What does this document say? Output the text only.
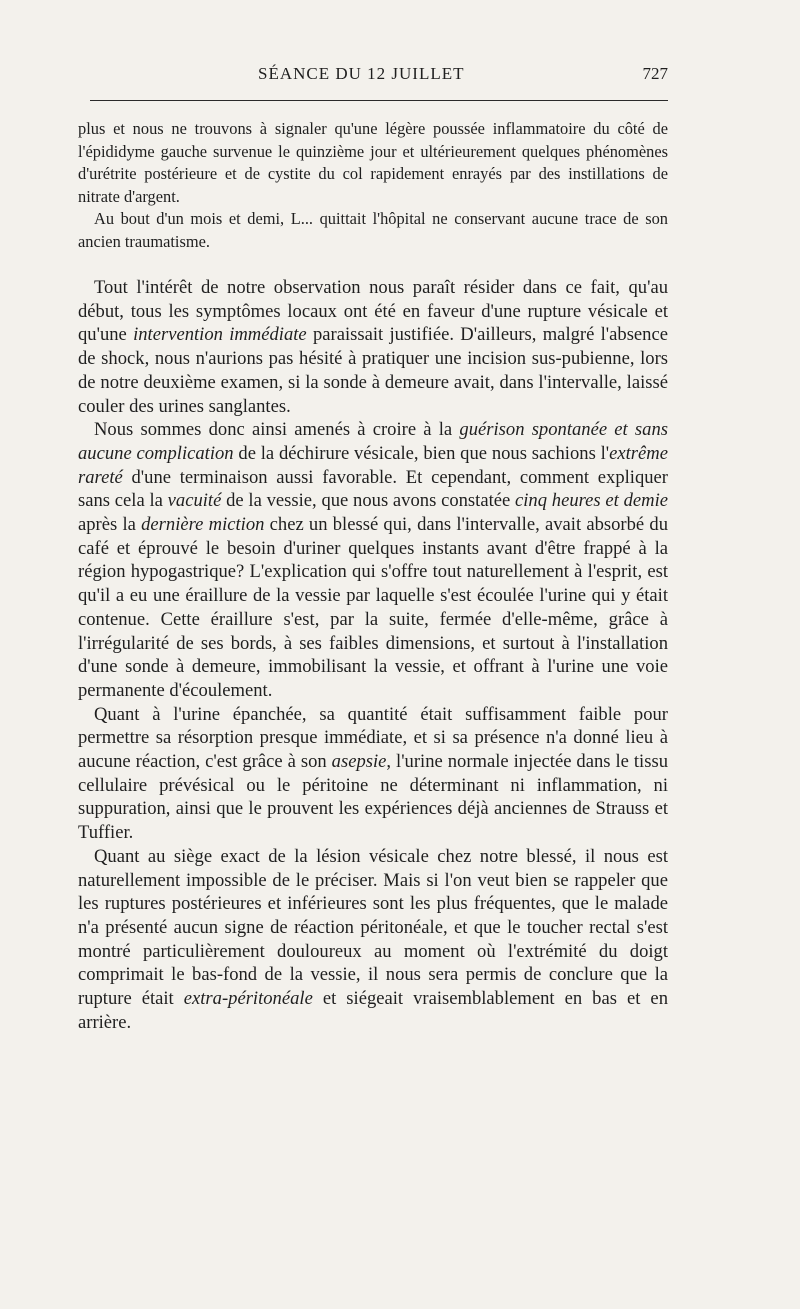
SÉANCE DU 12 JUILLET	727

plus et nous ne trouvons à signaler qu'une légère poussée inflammatoire du côté de l'épididyme gauche survenue le quinzième jour et ultérieurement quelques phénomènes d'urétrite postérieure et de cystite du col rapidement enrayés par des instillations de nitrate d'argent.

Au bout d'un mois et demi, L... quittait l'hôpital ne conservant aucune trace de son ancien traumatisme.

Tout l'intérêt de notre observation nous paraît résider dans ce fait, qu'au début, tous les symptômes locaux ont été en faveur d'une rupture vésicale et qu'une intervention immédiate paraissait justifiée. D'ailleurs, malgré l'absence de shock, nous n'aurions pas hésité à pratiquer une incision sus-pubienne, lors de notre deuxième examen, si la sonde à demeure avait, dans l'intervalle, laissé couler des urines sanglantes.

Nous sommes donc ainsi amenés à croire à la guérison spontanée et sans aucune complication de la déchirure vésicale, bien que nous sachions l'extrême rareté d'une terminaison aussi favorable. Et cependant, comment expliquer sans cela la vacuité de la vessie, que nous avons constatée cinq heures et demie après la dernière miction chez un blessé qui, dans l'intervalle, avait absorbé du café et éprouvé le besoin d'uriner quelques instants avant d'être frappé à la région hypogastrique? L'explication qui s'offre tout naturellement à l'esprit, est qu'il a eu une éraillure de la vessie par laquelle s'est écoulée l'urine qui y était contenue. Cette éraillure s'est, par la suite, fermée d'elle-même, grâce à l'irrégularité de ses bords, à ses faibles dimensions, et surtout à l'installation d'une sonde à demeure, immobilisant la vessie, et offrant à l'urine une voie permanente d'écoulement.

Quant à l'urine épanchée, sa quantité était suffisamment faible pour permettre sa résorption presque immédiate, et si sa présence n'a donné lieu à aucune réaction, c'est grâce à son asepsie, l'urine normale injectée dans le tissu cellulaire prévésical ou le péritoine ne déterminant ni inflammation, ni suppuration, ainsi que le prouvent les expériences déjà anciennes de Strauss et Tuffier.

Quant au siège exact de la lésion vésicale chez notre blessé, il nous est naturellement impossible de le préciser. Mais si l'on veut bien se rappeler que les ruptures postérieures et inférieures sont les plus fréquentes, que le malade n'a présenté aucun signe de réaction péritonéale, et que le toucher rectal s'est montré particulièrement douloureux au moment où l'extrémité du doigt comprimait le bas-fond de la vessie, il nous sera permis de conclure que la rupture était extra-péritonéale et siégeait vraisemblablement en bas et en arrière.
